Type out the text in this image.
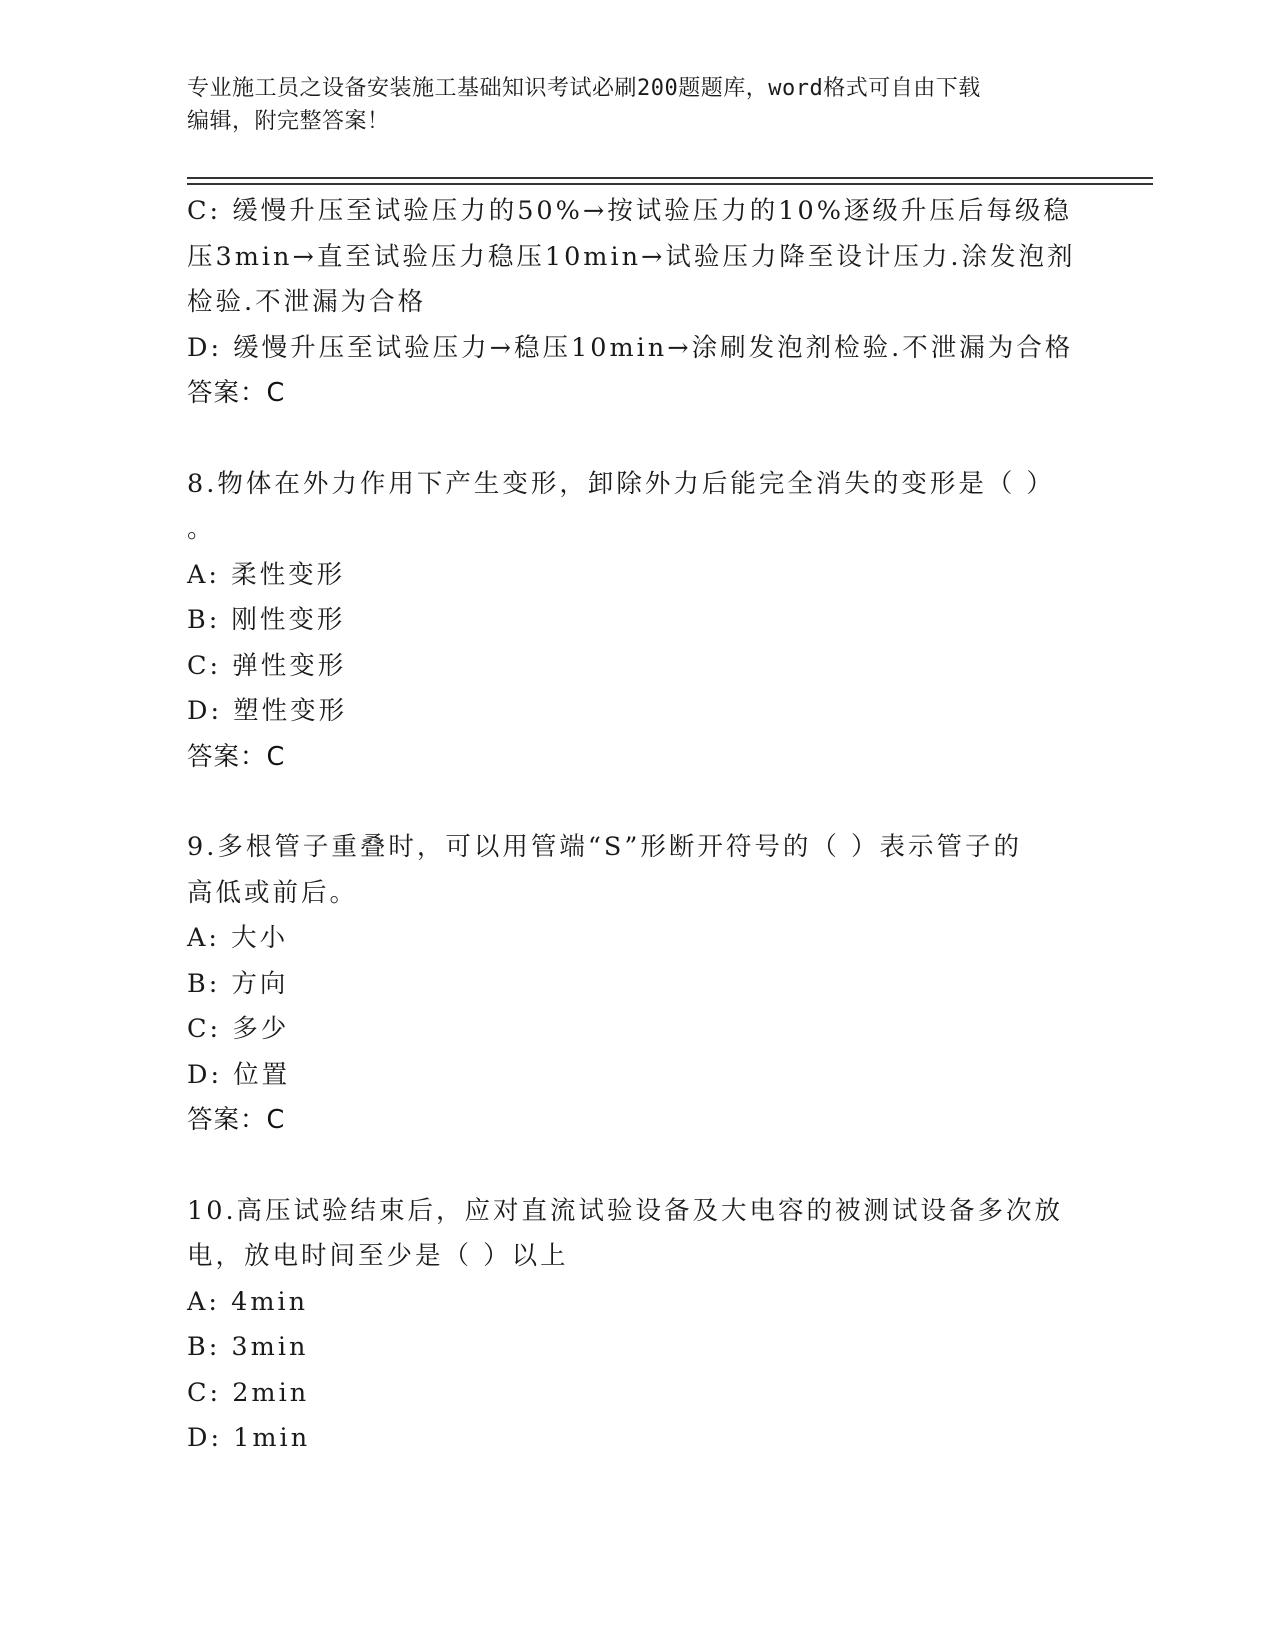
专业施工员之设备安装施工基础知识考试必刷200题题库，word格式可自由下载
编辑，附完整答案！
C: 缓慢升压至试验压力的50%→按试验压力的10%逐级升压后每级稳
压3min→直至试验压力稳压10min→试验压力降至设计压力.涂发泡剂
检验.不泄漏为合格
D: 缓慢升压至试验压力→稳压10min→涂刷发泡剂检验.不泄漏为合格
答案：C
8.物体在外力作用下产生变形，卸除外力后能完全消失的变形是（ ）
。
A: 柔性变形
B: 刚性变形
C: 弹性变形
D: 塑性变形
答案：C
9.多根管子重叠时，可以用管端“S”形断开符号的（ ）表示管子的
高低或前后。
A: 大小
B: 方向
C: 多少
D: 位置
答案：C
10.高压试验结束后，应对直流试验设备及大电容的被测试设备多次放
电，放电时间至少是（ ）以上
A: 4min
B: 3min
C: 2min
D: 1min
